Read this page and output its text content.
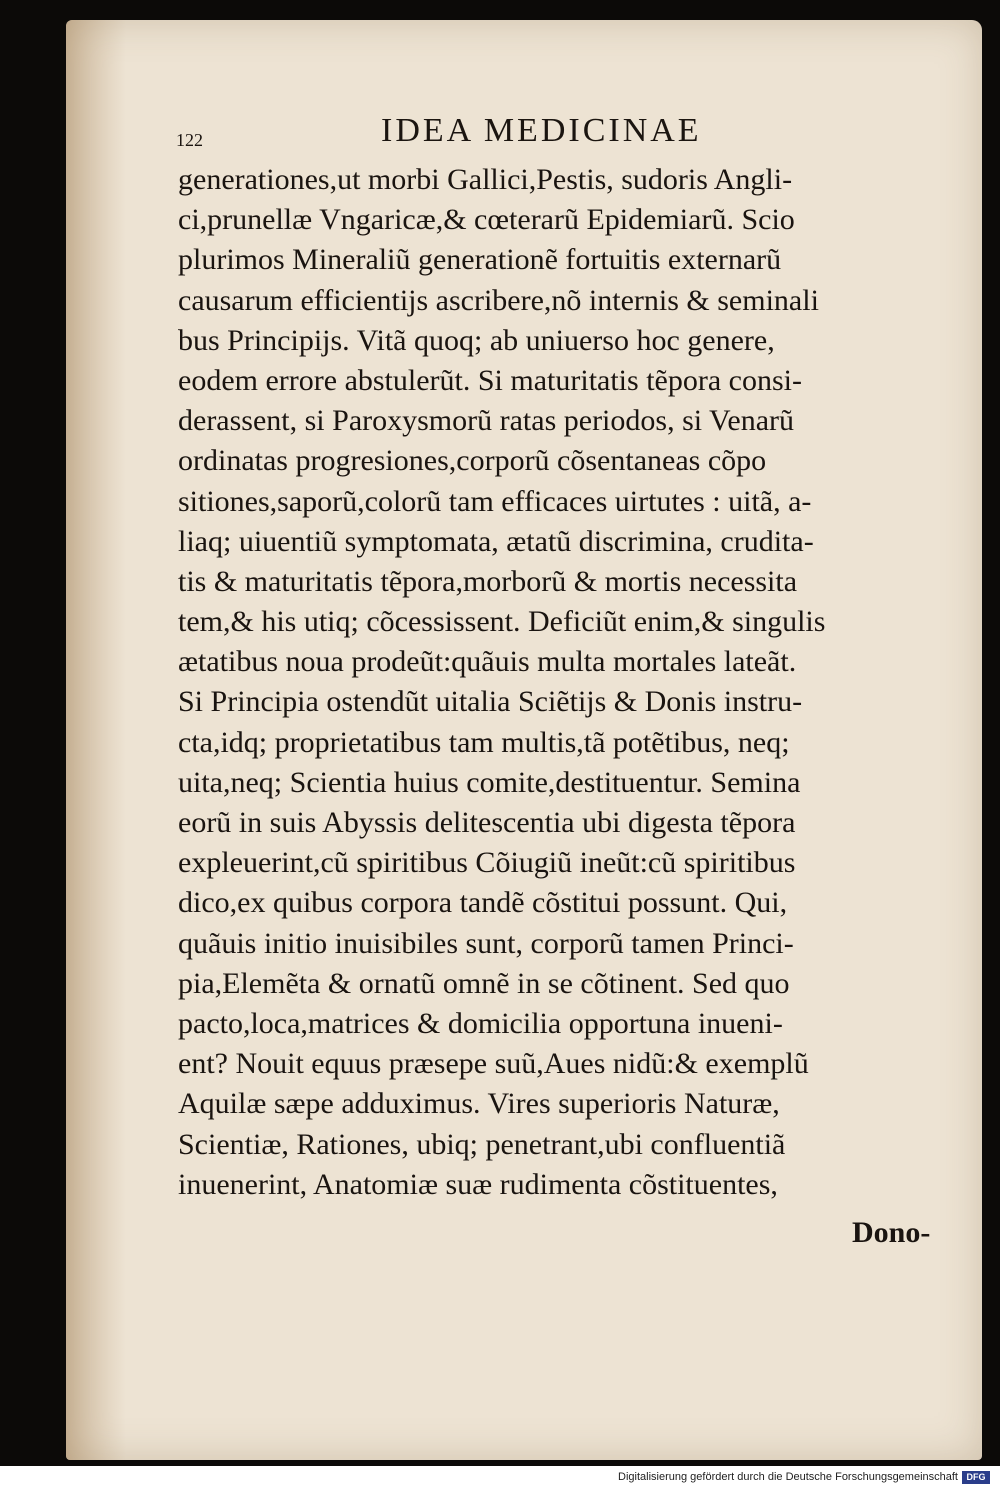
122	IDEA MEDICINAE
generationes,ut morbi Gallici,Pestis, sudoris Angli-
ci,prunellæ Vngaricæ,& cœterarũ Epidemiarũ. Scio
plurimos Mineraliũ generationẽ fortuitis externarũ
causarum efficientijs ascribere,nõ internis & seminali
bus Principijs. Vitã quoq; ab uniuerso hoc genere,
eodem errore abstulerũt. Si maturitatis tẽpora consi-
derassent, si Paroxysmorũ ratas periodos, si Venarũ
ordinatas progresiones,corporũ cõsentaneas cõpo
sitiones,saporũ,colorũ tam efficaces uirtutes : uitã, a-
liaq; uiuentiũ symptomata, ætatũ discrimina, crudita-
tis & maturitatis tẽpora,morborũ & mortis necessita
tem,& his utiq; cõcessissent. Deficiũt enim,& singulis
ætatibus noua prodeũt:quãuis multa mortales lateãt.
Si Principia ostendũt uitalia Sciẽtijs & Donis instru-
cta,idq; proprietatibus tam multis,tã potẽtibus, neq;
uita,neq; Scientia huius comite,destituentur. Semina
eorũ in suis Abyssis delitescentia ubi digesta tẽpora
expleuerint,cũ spiritibus Cõiugiũ ineũt:cũ spiritibus
dico,ex quibus corpora tandẽ cõstitui possunt. Qui,
quãuis initio inuisibiles sunt, corporũ tamen Princi-
pia,Elemẽta & ornatũ omnẽ in se cõtinent. Sed quo
pacto,loca,matrices & domicilia opportuna inueni-
ent? Nouit equus præsepe suũ,Aues nidũ:& exemplũ
Aquilæ sæpe adduximus. Vires superioris Naturæ,
Scientiæ, Rationes, ubiq; penetrant,ubi confluentiã
inuenerint, Anatomiæ suæ rudimenta cõstituentes,
Dono-
Digitalisierung gefördert durch die Deutsche Forschungsgemeinschaft DFG
